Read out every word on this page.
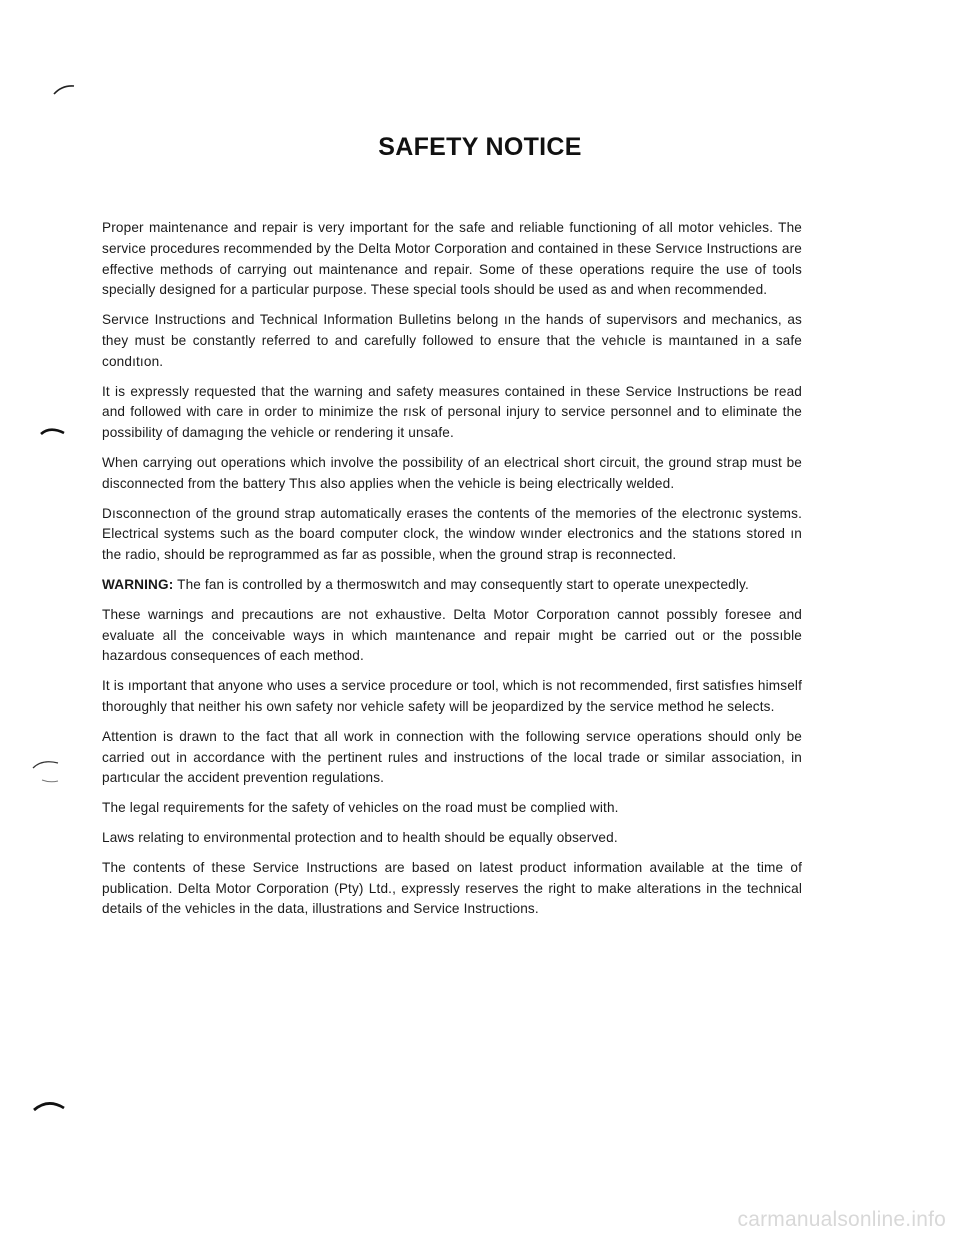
SAFETY NOTICE

Proper maintenance and repair is very important for the safe and reliable functioning of all motor vehicles. The service procedures recommended by the Delta Motor Corporation and contained in these Servıce Instructions are effective methods of carrying out maintenance and repair. Some of these operations require the use of tools specially designed for a particular purpose. These special tools should be used as and when recommended.

Servıce Instructions and Technical Information Bulletins belong ın the hands of supervisors and mechanics, as they must be constantly referred to and carefully followed to ensure that the vehıcle is maıntaıned in a safe condıtıon.

It is expressly requested that the warning and safety measures contained in these Service Instructions be read and followed with care in order to minimize the rısk of personal injury to service personnel and to eliminate the possibility of damagıng the vehicle or rendering it unsafe.

When carrying out operations which involve the possibility of an electrical short circuit, the ground strap must be disconnected from the battery Thıs also applies when the vehicle is being electrically welded.

Dısconnectıon of the ground strap automatically erases the contents of the memories of the electronıc systems. Electrical systems such as the board computer clock, the window wınder electronics and the statıons stored ın the radio, should be reprogrammed as far as possible, when the ground strap is reconnected.

WARNING: The fan is controlled by a thermoswıtch and may consequently start to operate unexpectedly.

These warnings and precautions are not exhaustive. Delta Motor Corporatıon cannot possıbly foresee and evaluate all the conceivable ways in which maıntenance and repair mıght be carried out or the possıble hazardous consequences of each method.

It is ımportant that anyone who uses a service procedure or tool, which is not recommended, first satisfıes himself thoroughly that neither his own safety nor vehicle safety will be jeopardized by the service method he selects.

Attention is drawn to the fact that all work in connection with the following servıce operations should only be carried out in accordance with the pertinent rules and instructions of the local trade or similar association, in partıcular the accident prevention regulations.

The legal requirements for the safety of vehicles on the road must be complied with.

Laws relating to environmental protection and to health should be equally observed.

The contents of these Service Instructions are based on latest product information available at the time of publication. Delta Motor Corporation (Pty) Ltd., expressly reserves the right to make alterations in the technical details of the vehicles in the data, illustrations and Service Instructions.

carmanualsonline.info
